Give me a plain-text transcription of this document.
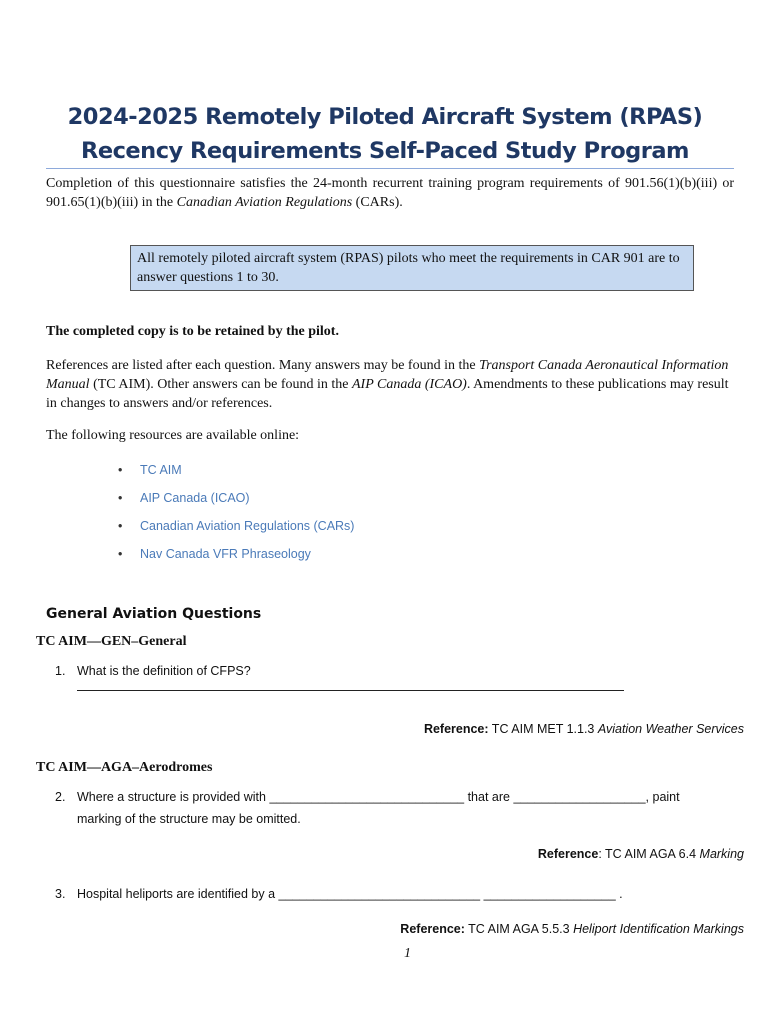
2024-2025 Remotely Piloted Aircraft System (RPAS)
Recency Requirements Self-Paced Study Program
Completion of this questionnaire satisfies the 24-month recurrent training program requirements of 901.56(1)(b)(iii) or 901.65(1)(b)(iii) in the Canadian Aviation Regulations (CARs).
All remotely piloted aircraft system (RPAS) pilots who meet the requirements in CAR 901 are to answer questions 1 to 30.
The completed copy is to be retained by the pilot.
References are listed after each question. Many answers may be found in the Transport Canada Aeronautical Information Manual (TC AIM). Other answers can be found in the AIP Canada (ICAO). Amendments to these publications may result in changes to answers and/or references.
The following resources are available online:
• TC AIM
• AIP Canada (ICAO)
• Canadian Aviation Regulations (CARs)
• Nav Canada VFR Phraseology
General Aviation Questions
TC AIM—GEN–General
1. What is the definition of CFPS?
Reference: TC AIM MET 1.1.3 Aviation Weather Services
TC AIM—AGA–Aerodromes
2. Where a structure is provided with ____________________________ that are ___________________, paint
marking of the structure may be omitted.
Reference: TC AIM AGA 6.4 Marking
3. Hospital heliports are identified by a _____________________________ ___________________ .
Reference: TC AIM AGA 5.5.3 Heliport Identification Markings
1
